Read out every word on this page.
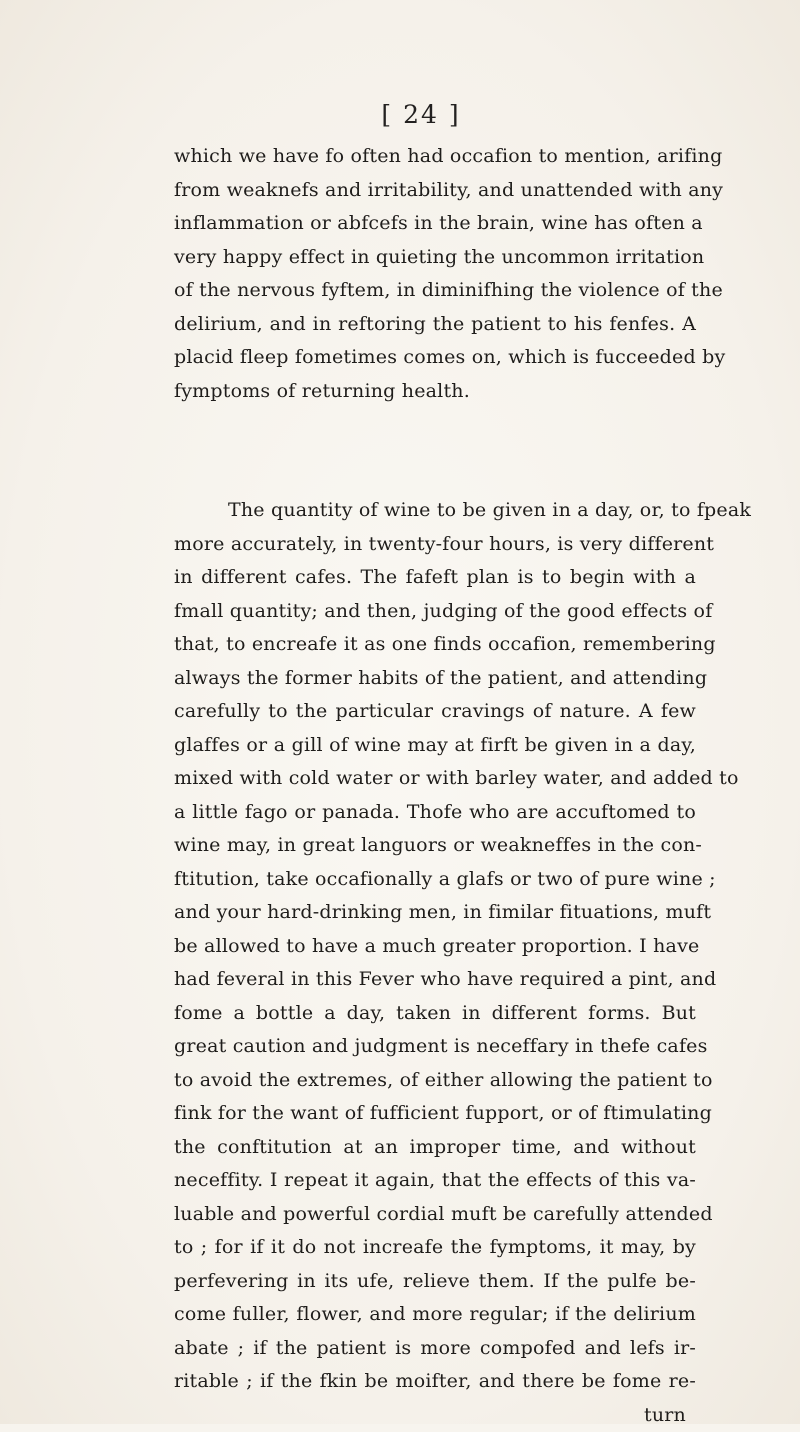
[ 24 ]
which we have fo often had occafion to mention, arifing
from weaknefs and irritability, and unattended with any
inflammation or abfcefs in the brain, wine has often a
very happy effect in quieting the uncommon irritation
of the nervous fyftem, in diminifhing the violence of the
delirium, and in reftoring the patient to his fenfes. A
placid fleep fometimes comes on, which is fucceeded by
fymptoms of returning health.
The quantity of wine to be given in a day, or, to fpeak
more accurately, in twenty-four hours, is very different
in different cafes. The fafeft plan is to begin with a
fmall quantity; and then, judging of the good effects of
that, to encreafe it as one finds occafion, remembering
always the former habits of the patient, and attending
carefully to the particular cravings of nature. A few
glaffes or a gill of wine may at firft be given in a day,
mixed with cold water or with barley water, and added to
a little fago or panada. Thofe who are accuftomed to
wine may, in great languors or weakneffes in the con-
ftitution, take occafionally a glafs or two of pure wine ;
and your hard-drinking men, in fimilar fituations, muft
be allowed to have a much greater proportion. I have
had feveral in this Fever who have required a pint, and
fome a bottle a day, taken in different forms. But
great caution and judgment is neceffary in thefe cafes
to avoid the extremes, of either allowing the patient to
fink for the want of fufficient fupport, or of ftimulating
the conftitution at an improper time, and without
neceffity. I repeat it again, that the effects of this va-
luable and powerful cordial muft be carefully attended
to ; for if it do not increafe the fymptoms, it may, by
perfevering in its ufe, relieve them. If the pulfe be-
come fuller, flower, and more regular; if the delirium
abate ; if the patient is more compofed and lefs ir-
ritable ; if the fkin be moifter, and there be fome re-
turn
